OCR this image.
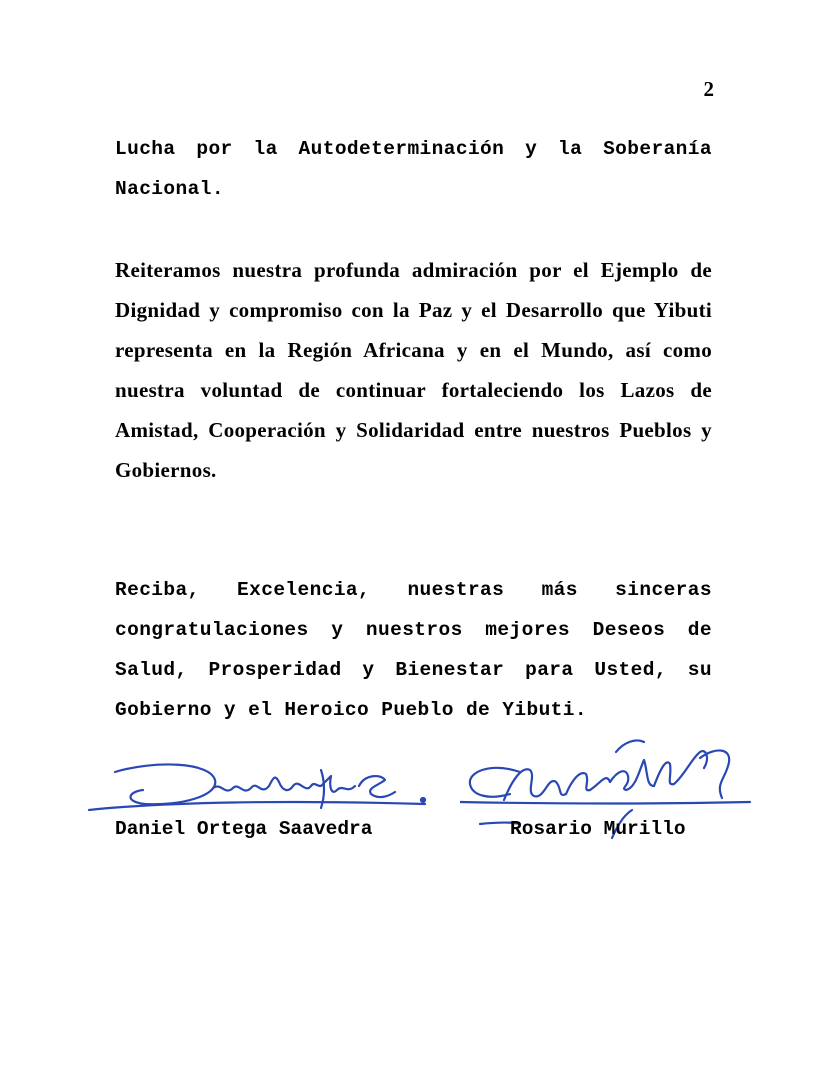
2

Lucha por la Autodeterminación y la Soberanía Nacional.

Reiteramos nuestra profunda admiración por el Ejemplo de Dignidad y compromiso con la Paz y el Desarrollo que Yibuti representa en la Región Africana y en el Mundo, así como nuestra voluntad de continuar fortaleciendo los Lazos de Amistad, Cooperación y Solidaridad entre nuestros Pueblos y Gobiernos.

Reciba, Excelencia, nuestras más sinceras congratulaciones y nuestros mejores Deseos de Salud, Prosperidad y Bienestar para Usted, su Gobierno y el Heroico Pueblo de Yibuti.

Daniel Ortega Saavedra	Rosario Murillo
